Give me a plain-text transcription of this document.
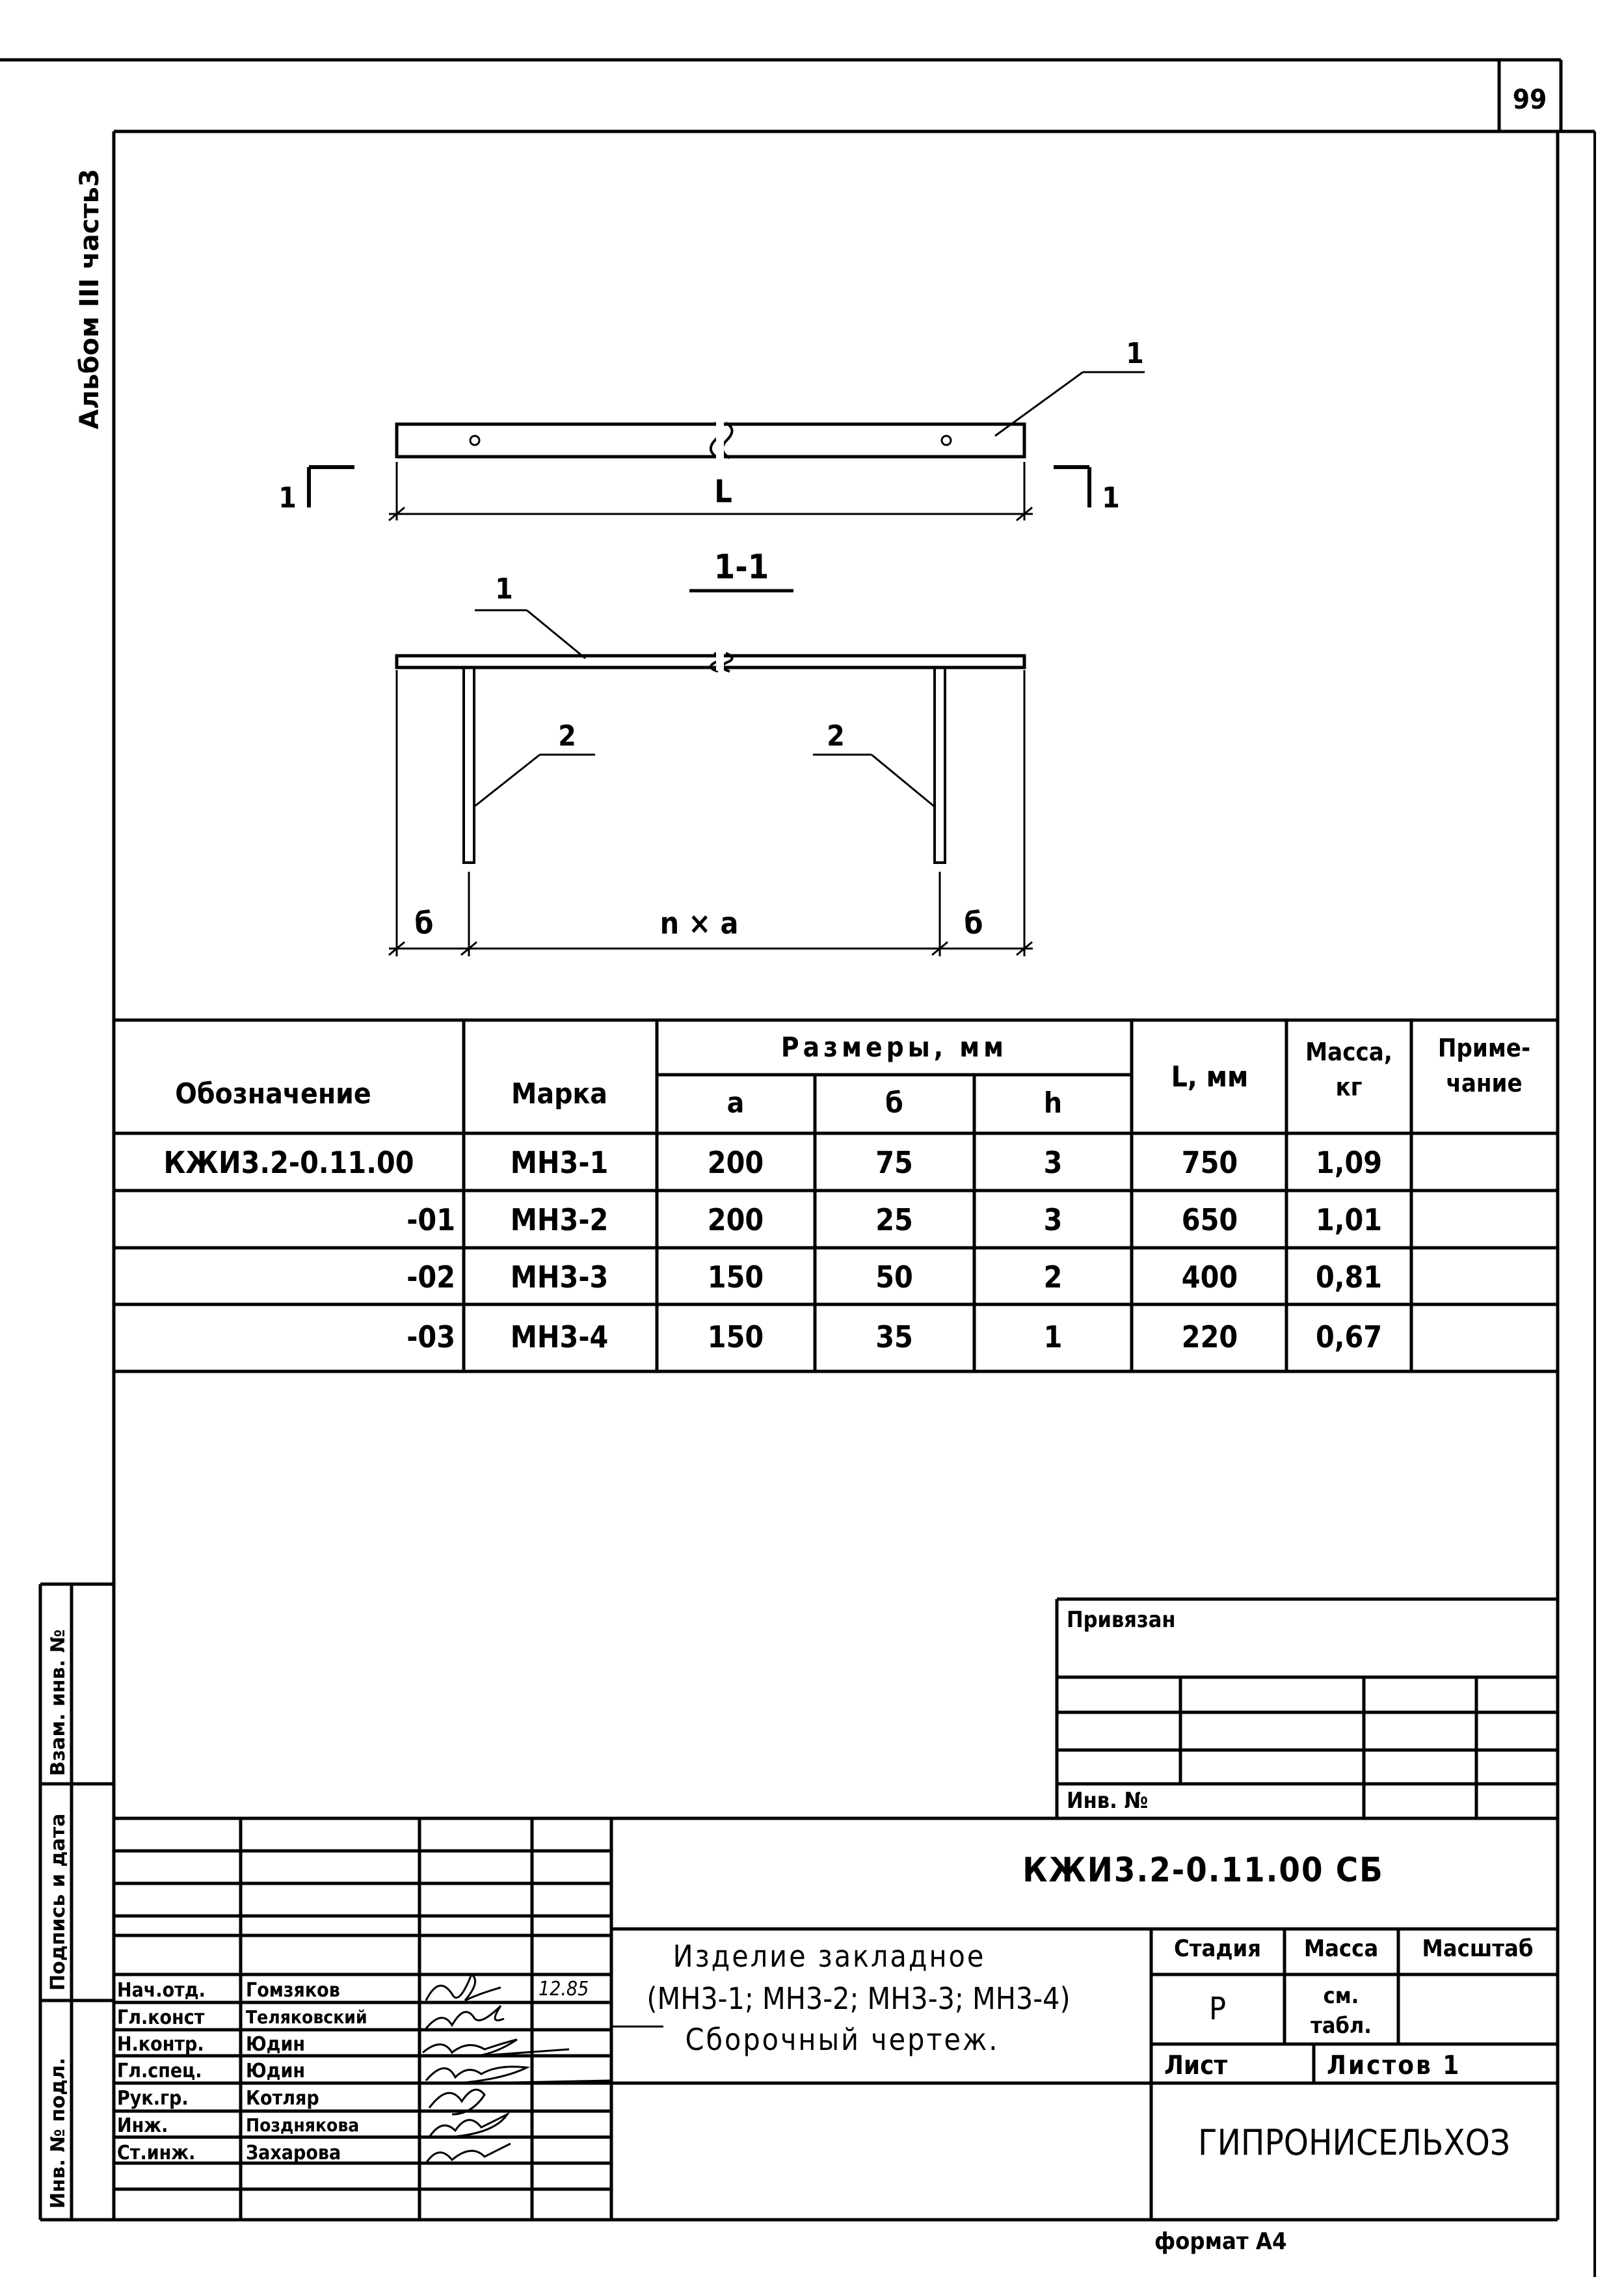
99
Альбом III часть3	1
1	1
L
1-1
1
2	2
б	n × a	б
Обозначение	Марка
Размеры, мм
a	б	h
L, мм
Масса, кг
Приме-чание
КЖИ3.2-0.11.00	МН3-1	200	75	3	750	1,09
-01 МН3-2	200	25	3	650	1,01
-02 МН3-3	150	50	2	400	0,81
-03 МН3-4	150	35	1	220	0,67
Привязан
Инв. №
Взам. инв. №
Подпись и дата
Инв. № подл.
КЖИ3.2-0.11.00 СБ
Изделие закладное
(МН3-1; МН3-2; МН3-3; МН3-4)
Сборочный чертеж.
Стадия Масса Масштаб
Р	см. табл.
Лист	Листов 1
ГИПРОНИСЕЛЬХОЗ
12.85
Нач.отд. Гомзяков
Гл.конст Теляковский
Н.контр. Юдин
Гл.спец. Юдин
Рук.гр.	Котляр
Инж.	Позднякова
Ст.инж.	Захарова
формат А4
